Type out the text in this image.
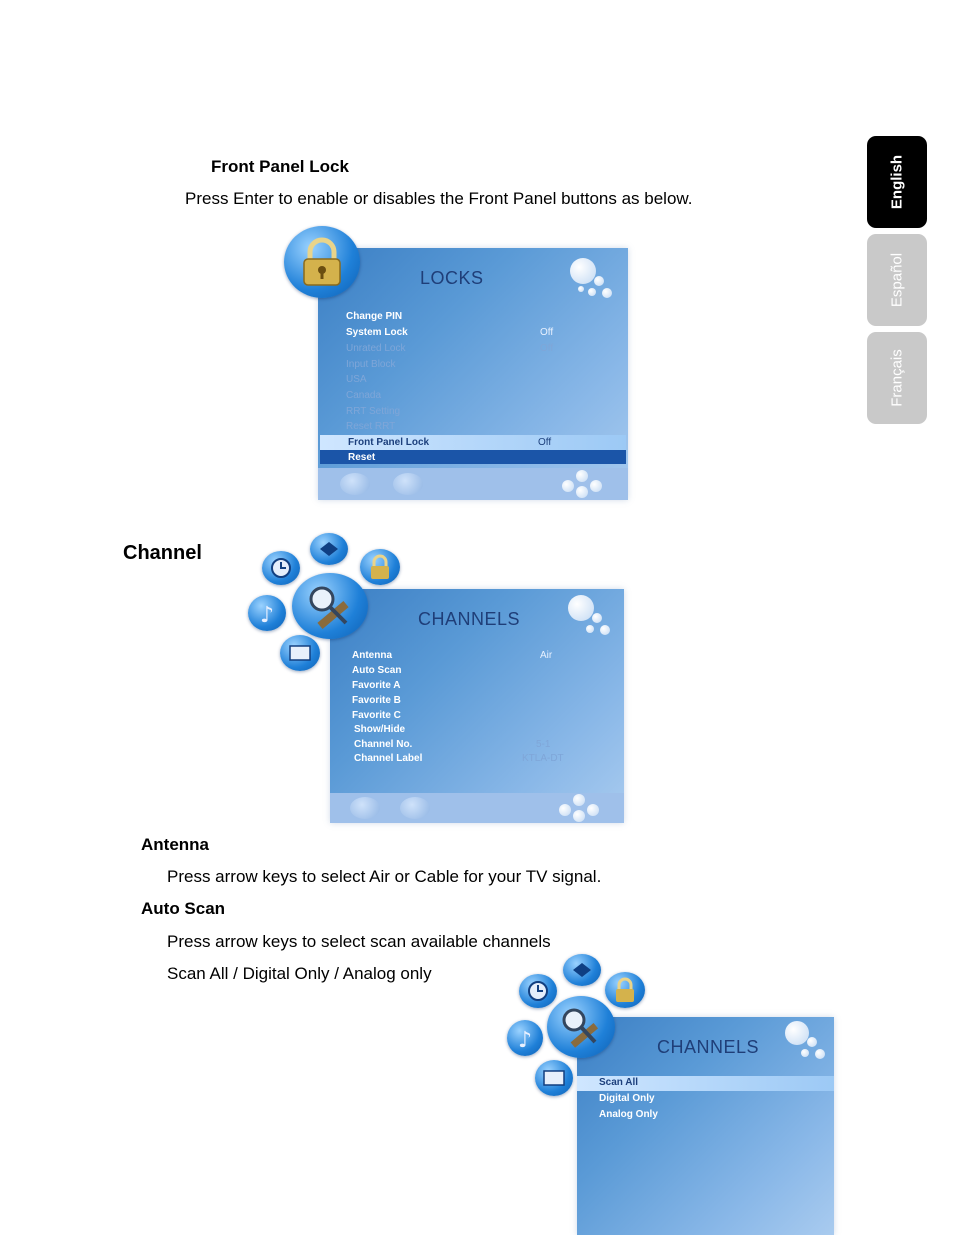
English
Español
Français
Front Panel Lock
Press Enter to enable or disables the Front Panel buttons as below.
LOCKS
Change PIN
System Lock	Off
Unrated Lock	Off
Input Block
USA
Canada
RRT Setting
Reset RRT
Front Panel Lock	Off
Reset
Channel
CHANNELS
Antenna	Air
Auto Scan
Favorite A
Favorite B
Favorite C
Show/Hide
Channel No.	5-1
Channel Label	KTLA-DT
♪
Antenna
Press arrow keys to select Air or Cable for your TV signal.
Auto Scan
Press arrow keys to select scan available channels
Scan All / Digital Only / Analog only
CHANNELS
Scan All
Digital Only
Analog Only
♪
